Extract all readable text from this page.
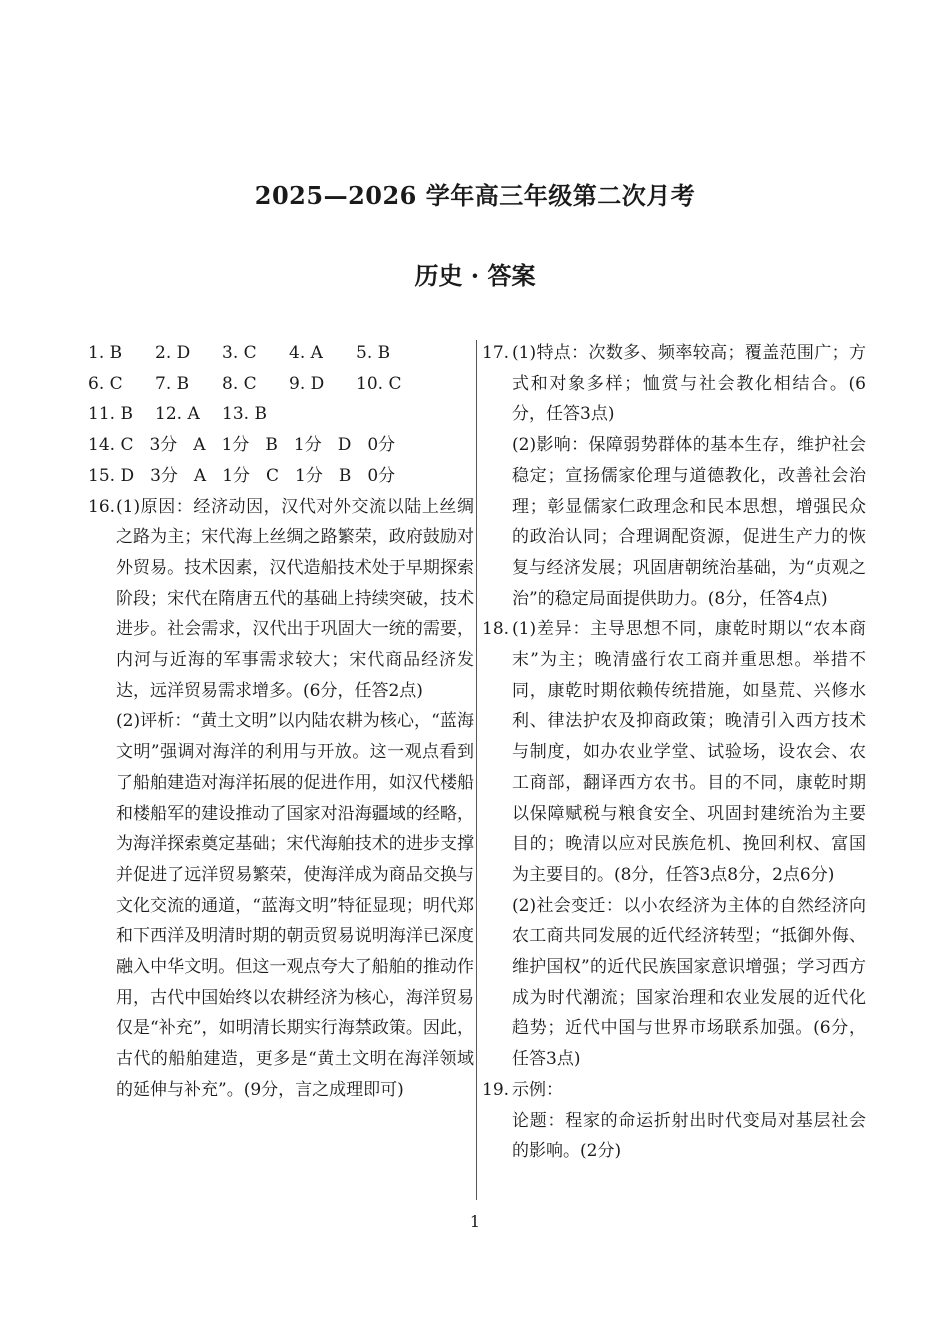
2025—2026 学年高三年级第二次月考
历史 · 答案
1. B	2. D	3. C	4. A	5. B
6. C	7. B	8. C	9. D	10. C
11. B	12. A	13. B
14. C 3分 A 1分 B 1分 D 0分
15. D 3分 A 1分 C 1分 B 0分
16. (1)原因：经济动因，汉代对外交流以陆上丝绸之路为主；宋代海上丝绸之路繁荣，政府鼓励对外贸易。技术因素，汉代造船技术处于早期探索阶段；宋代在隋唐五代的基础上持续突破，技术进步。社会需求，汉代出于巩固大一统的需要，内河与近海的军事需求较大；宋代商品经济发达，远洋贸易需求增多。(6分，任答2点)

(2)评析：“黄土文明”以内陆农耕为核心，“蓝海文明”强调对海洋的利用与开放。这一观点看到了船舶建造对海洋拓展的促进作用，如汉代楼船和楼船军的建设推动了国家对沿海疆域的经略，为海洋探索奠定基础；宋代海舶技术的进步支撑并促进了远洋贸易繁荣，使海洋成为商品交换与文化交流的通道，“蓝海文明”特征显现；明代郑和下西洋及明清时期的朝贡贸易说明海洋已深度融入中华文明。但这一观点夸大了船舶的推动作用，古代中国始终以农耕经济为核心，海洋贸易仅是“补充”，如明清长期实行海禁政策。因此，古代的船舶建造，更多是“黄土文明在海洋领域的延伸与补充”。(9分，言之成理即可)

17. (1)特点：次数多、频率较高；覆盖范围广；方式和对象多样；恤赏与社会教化相结合。(6分，任答3点)

(2)影响：保障弱势群体的基本生存，维护社会稳定；宣扬儒家伦理与道德教化，改善社会治理；彰显儒家仁政理念和民本思想，增强民众的政治认同；合理调配资源，促进生产力的恢复与经济发展；巩固唐朝统治基础，为“贞观之治”的稳定局面提供助力。(8分，任答4点)

18. (1)差异：主导思想不同，康乾时期以“农本商末”为主；晚清盛行农工商并重思想。举措不同，康乾时期依赖传统措施，如垦荒、兴修水利、律法护农及抑商政策；晚清引入西方技术与制度，如办农业学堂、试验场，设农会、农工商部，翻译西方农书。目的不同，康乾时期以保障赋税与粮食安全、巩固封建统治为主要目的；晚清以应对民族危机、挽回利权、富国为主要目的。(8分，任答3点8分，2点6分)

(2)社会变迁：以小农经济为主体的自然经济向农工商共同发展的近代经济转型；“抵御外侮、维护国权”的近代民族国家意识增强；学习西方成为时代潮流；国家治理和农业发展的近代化趋势；近代中国与世界市场联系加强。(6分，任答3点)

19. 示例：

论题：程家的命运折射出时代变局对基层社会的影响。(2分)

1
